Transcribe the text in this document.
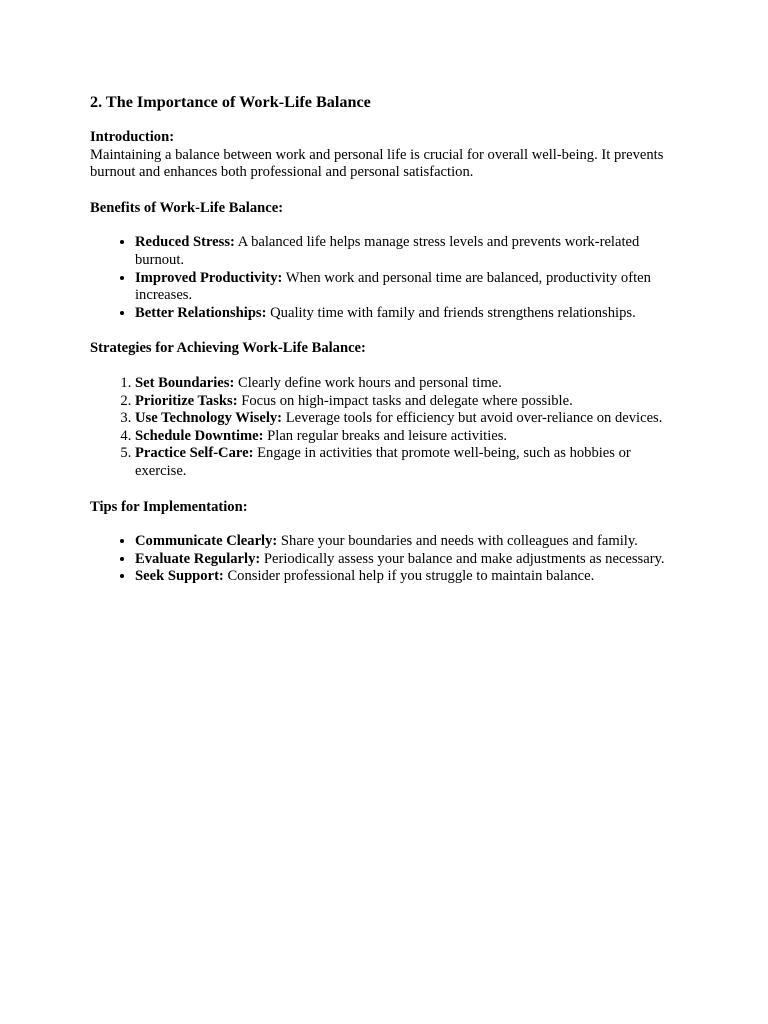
2. The Importance of Work-Life Balance

Introduction:

Maintaining a balance between work and personal life is crucial for overall well-being. It prevents burnout and enhances both professional and personal satisfaction.

Benefits of Work-Life Balance:

• Reduced Stress: A balanced life helps manage stress levels and prevents work-related burnout.
• Improved Productivity: When work and personal time are balanced, productivity often increases.
• Better Relationships: Quality time with family and friends strengthens relationships.

Strategies for Achieving Work-Life Balance:

1. Set Boundaries: Clearly define work hours and personal time.
2. Prioritize Tasks: Focus on high-impact tasks and delegate where possible.
3. Use Technology Wisely: Leverage tools for efficiency but avoid over-reliance on devices.
4. Schedule Downtime: Plan regular breaks and leisure activities.
5. Practice Self-Care: Engage in activities that promote well-being, such as hobbies or exercise.

Tips for Implementation:

• Communicate Clearly: Share your boundaries and needs with colleagues and family.
• Evaluate Regularly: Periodically assess your balance and make adjustments as necessary.
• Seek Support: Consider professional help if you struggle to maintain balance.
